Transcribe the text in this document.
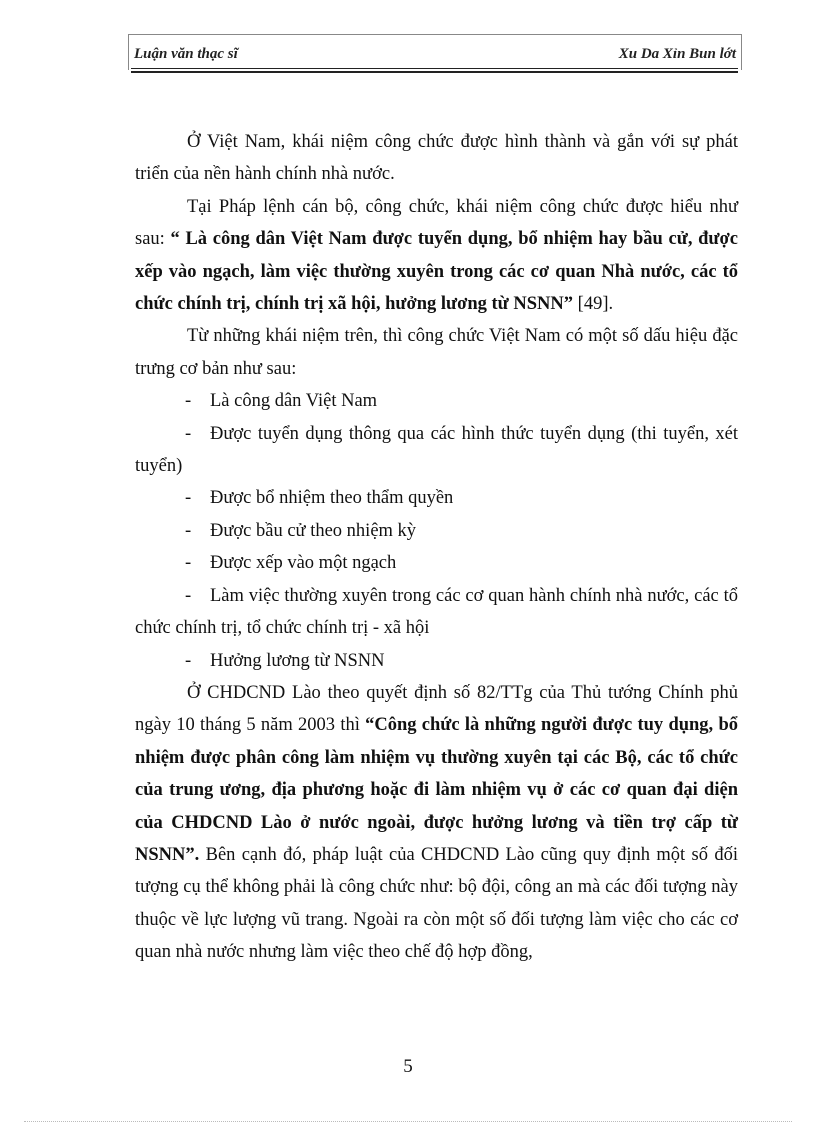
Luận văn thạc sĩ	Xu Da Xỉn Bun lớt

Ở Việt Nam, khái niệm công chức được hình thành và gắn với sự phát triển của nền hành chính nhà nước.

Tại Pháp lệnh cán bộ, công chức, khái niệm công chức được hiểu như sau: “ Là công dân Việt Nam được tuyển dụng, bổ nhiệm hay bầu cử, được xếp vào ngạch, làm việc thường xuyên trong các cơ quan Nhà nước, các tổ chức chính trị, chính trị xã hội, hưởng lương từ NSNN” [49].

Từ những khái niệm trên, thì công chức Việt Nam có một số dấu hiệu đặc trưng cơ bản như sau:

- Là công dân Việt Nam

- Được tuyển dụng thông qua các hình thức tuyển dụng (thi tuyển, xét tuyển)

- Được bổ nhiệm theo thẩm quyền

- Được bầu cử theo nhiệm kỳ

- Được xếp vào một ngạch

- Làm việc thường xuyên trong các cơ quan hành chính nhà nước, các tổ chức chính trị, tổ chức chính trị - xã hội

- Hưởng lương từ NSNN

Ở CHDCND Lào theo quyết định số 82/TTg của Thủ tướng Chính phủ ngày 10 tháng 5 năm 2003 thì “Công chức là những người được tuy dụng, bổ nhiệm được phân công làm nhiệm vụ thường xuyên tại các Bộ, các tổ chức của trung ương, địa phương hoặc đi làm nhiệm vụ ở các cơ quan đại diện của CHDCND Lào ở nước ngoài, được hưởng lương và tiền trợ cấp từ NSNN”. Bên cạnh đó, pháp luật của CHDCND Lào cũng quy định một số đối tượng cụ thể không phải là công chức như: bộ đội, công an mà các đối tượng này thuộc về lực lượng vũ trang. Ngoài ra còn một số đối tượng làm việc cho các cơ quan nhà nước nhưng làm việc theo chế độ hợp đồng,

5
